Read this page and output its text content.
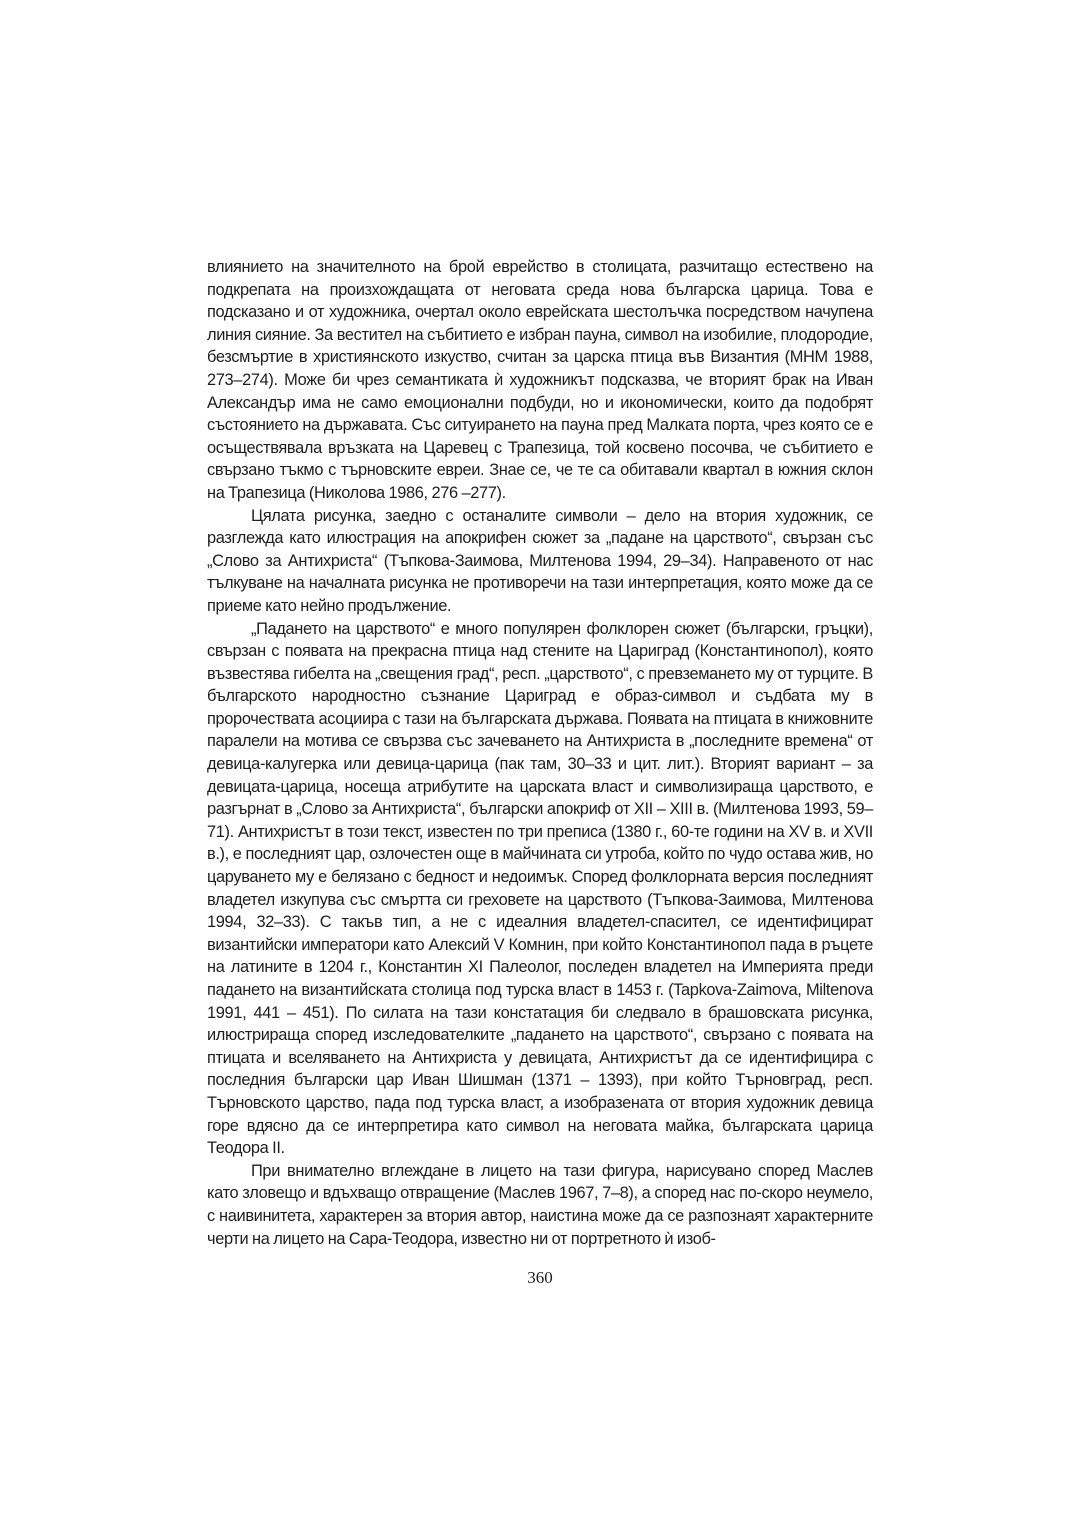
влиянието на значителното на брой еврейство в столицата, разчитащо естествено на подкрепата на произхождащата от неговата среда нова българска царица. Това е подсказано и от художника, очертал около еврейската шестолъчка посредством начупена линия сияние. За вестител на събитието е избран пауна, символ на изобилие, плодородие, безсмъртие в християнското изкуство, считан за царска птица във Византия (МНМ 1988, 273–274). Може би чрез семантиката ѝ художникът подсказва, че вторият брак на Иван Александър има не само емоционални подбуди, но и икономически, които да подобрят състоянието на държавата. Със ситуирането на пауна пред Малката порта, чрез която се е осъществявала връзката на Царевец с Трапезица, той косвено посочва, че събитието е свързано тъкмо с търновските евреи. Знае се, че те са обитавали квартал в южния склон на Трапезица (Николова 1986, 276 –277).

Цялата рисунка, заедно с останалите символи – дело на втория художник, се разглежда като илюстрация на апокрифен сюжет за „падане на царството“, свързан със „Слово за Антихриста“ (Тъпкова-Заимова, Милтенова 1994, 29–34). Направеното от нас тълкуване на началната рисунка не противоречи на тази интерпретация, която може да се приеме като нейно продължение.

„Падането на царството“ е много популярен фолклорен сюжет (български, гръцки), свързан с появата на прекрасна птица над стените на Цариград (Константинопол), която възвестява гибелта на „свещения град“, респ. „царството“, с превземането му от турците. В българското народностно съзнание Цариград е образ-символ и съдбата му в пророчествата асоциира с тази на българската държава. Появата на птицата в книжовните паралели на мотива се свързва със зачеването на Антихриста в „последните времена“ от девица-калугерка или девица-царица (пак там, 30–33 и цит. лит.). Вторият вариант – за девицата-царица, носеща атрибутите на царската власт и символизираща царството, е разгърнат в „Слово за Антихриста“, български апокриф от XII – XIII в. (Милтенова 1993, 59–71). Антихристът в този текст, известен по три преписа (1380 г., 60-те години на XV в. и XVII в.), е последният цар, озлочестен още в майчината си утроба, който по чудо остава жив, но царуването му е белязано с бедност и недоимък. Според фолклорната версия последният владетел изкупува със смъртта си греховете на царството (Тъпкова-Заимова, Милтенова 1994, 32–33). С такъв тип, а не с идеалния владетел-спасител, се идентифицират византийски императори като Алексий V Комнин, при който Константинопол пада в ръцете на латините в 1204 г., Константин XI Палеолог, последен владетел на Империята преди падането на византийската столица под турска власт в 1453 г. (Tapkova-Zaimova, Miltenova 1991, 441 – 451). По силата на тази констатация би следвало в брашовската рисунка, илюстрираща според изследователките „падането на царството“, свързано с появата на птицата и вселяването на Антихриста у девицата, Антихристът да се идентифицира с последния български цар Иван Шишман (1371 – 1393), при който Търновград, респ. Търновското царство, пада под турска власт, а изобразената от втория художник девица горе вдясно да се интерпретира като символ на неговата майка, българската царица Теодора II.

При внимателно вглеждане в лицето на тази фигура, нарисувано според Маслев като зловещо и вдъхващо отвращение (Маслев 1967, 7–8), а според нас по-скоро неумело, с наивинитета, характерен за втория автор, наистина може да се разпознаят характерните черти на лицето на Сара-Теодора, известно ни от портретното ѝ изоб-

360
